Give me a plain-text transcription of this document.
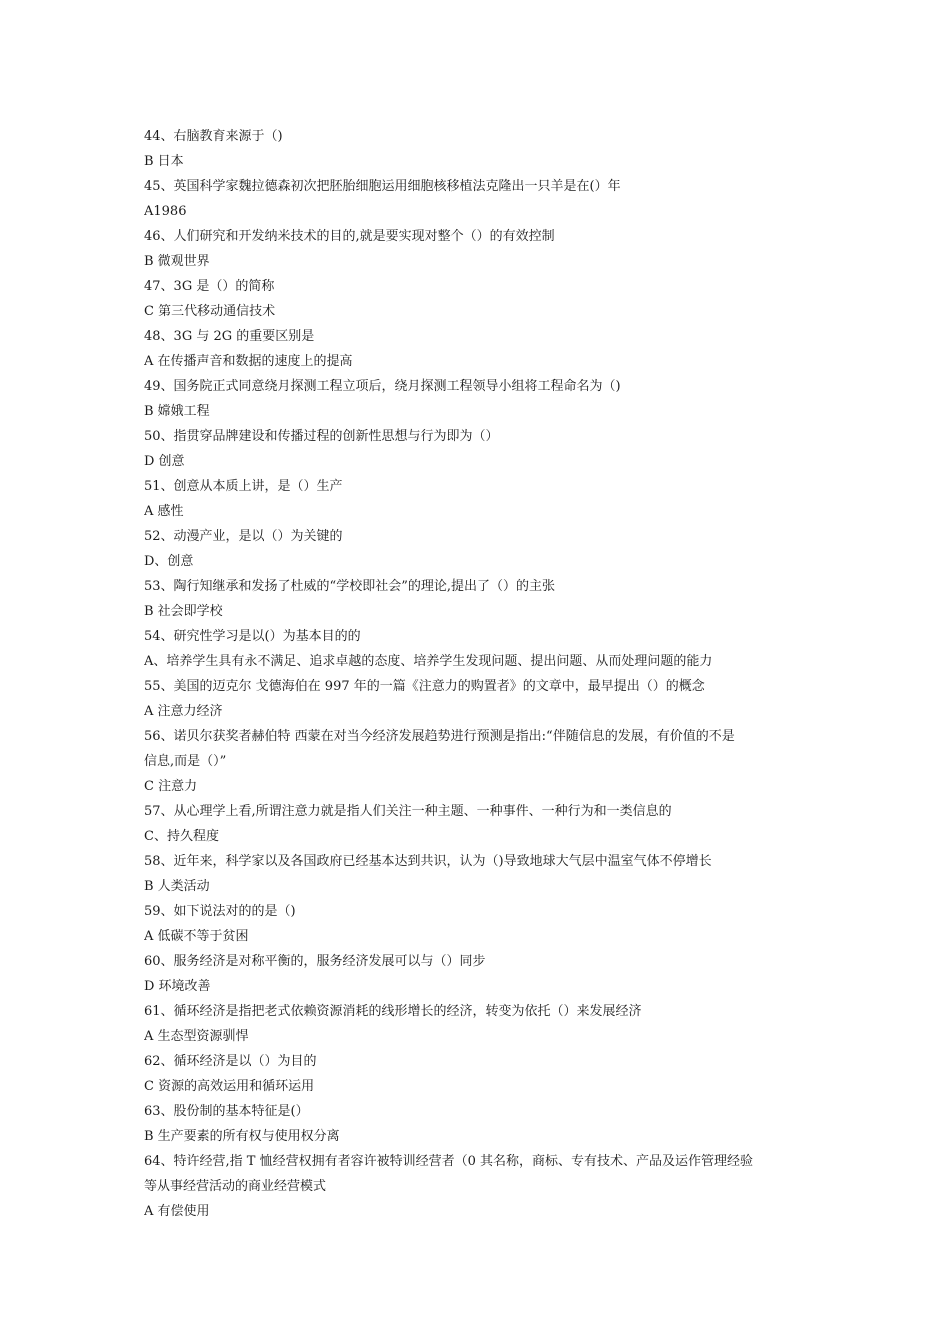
44、右脑教育来源于（)
B 日本
45、英国科学家魏拉德森初次把胚胎细胞运用细胞核移植法克隆出一只羊是在(）年
A1986
46、人们研究和开发纳米技术的目的,就是要实现对整个（）的有效控制
B 微观世界
47、3G 是（）的简称
C 第三代移动通信技术
48、3G 与 2G 的重要区别是
A 在传播声音和数据的速度上的提高
49、国务院正式同意绕月探测工程立项后，绕月探测工程领导小组将工程命名为（)
B 嫦娥工程
50、指贯穿品牌建设和传播过程的创新性思想与行为即为（）
D 创意
51、创意从本质上讲，是（）生产
A 感性
52、动漫产业，是以（）为关键的
D、创意
53、陶行知继承和发扬了杜威的“学校即社会”的理论,提出了（）的主张
B 社会即学校
54、研究性学习是以(）为基本目的的
A、培养学生具有永不满足、追求卓越的态度、培养学生发现问题、提出问题、从而处理问题的能力
55、美国的迈克尔 戈德海伯在 997 年的一篇《注意力的购置者》的文章中，最早提出（）的概念
A 注意力经济
56、诺贝尔获奖者赫伯特 西蒙在对当今经济发展趋势进行预测是指出:“伴随信息的发展，有价值的不是
信息,而是（）”
C 注意力
57、从心理学上看,所谓注意力就是指人们关注一种主题、一种事件、一种行为和一类信息的
C、持久程度
58、近年来，科学家以及各国政府已经基本达到共识，认为（)导致地球大气层中温室气体不停增长
B 人类活动
59、如下说法对的的是（)
A 低碳不等于贫困
60、服务经济是对称平衡的，服务经济发展可以与（）同步
D 环境改善
61、循环经济是指把老式依赖资源消耗的线形增长的经济，转变为依托（）来发展经济
A 生态型资源驯悍
62、循环经济是以（）为目的
C 资源的高效运用和循环运用
63、股份制的基本特征是(）
B 生产要素的所有权与使用权分离
64、特许经营,指 T 恤经营权拥有者容许被特训经营者（0 其名称，商标、专有技术、产品及运作管理经验
等从事经营活动的商业经营模式
A 有偿使用
